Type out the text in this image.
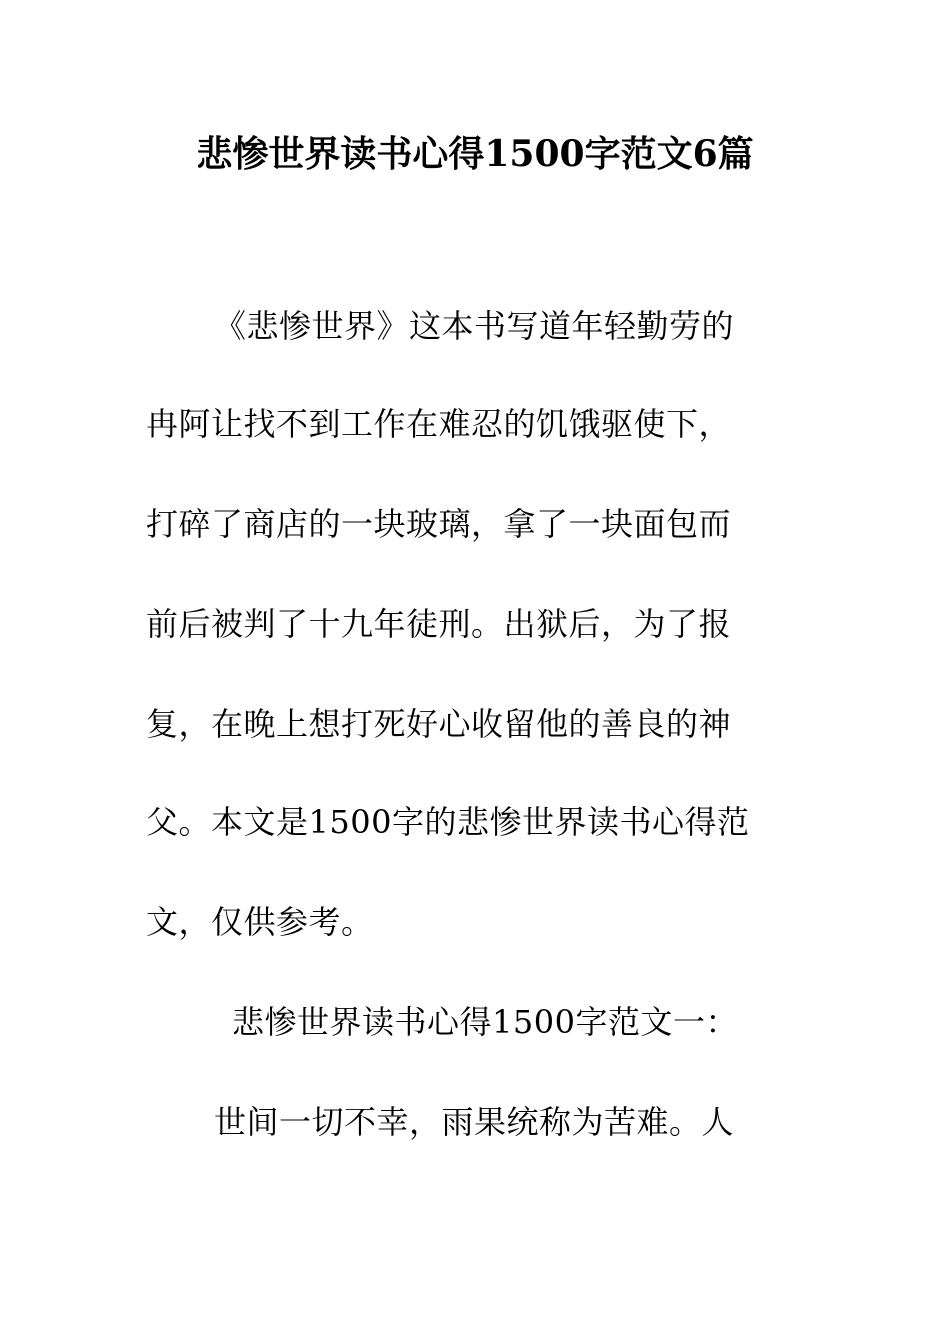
悲惨世界读书心得1500字范文6篇
《悲惨世界》这本书写道年轻勤劳的
冉阿让找不到工作在难忍的饥饿驱使下，
打碎了商店的一块玻璃，拿了一块面包而
前后被判了十九年徒刑。出狱后，为了报
复，在晚上想打死好心收留他的善良的神
父。本文是1500字的悲惨世界读书心得范
文，仅供参考。
悲惨世界读书心得1500字范文一：
世间一切不幸，雨果统称为苦难。人
